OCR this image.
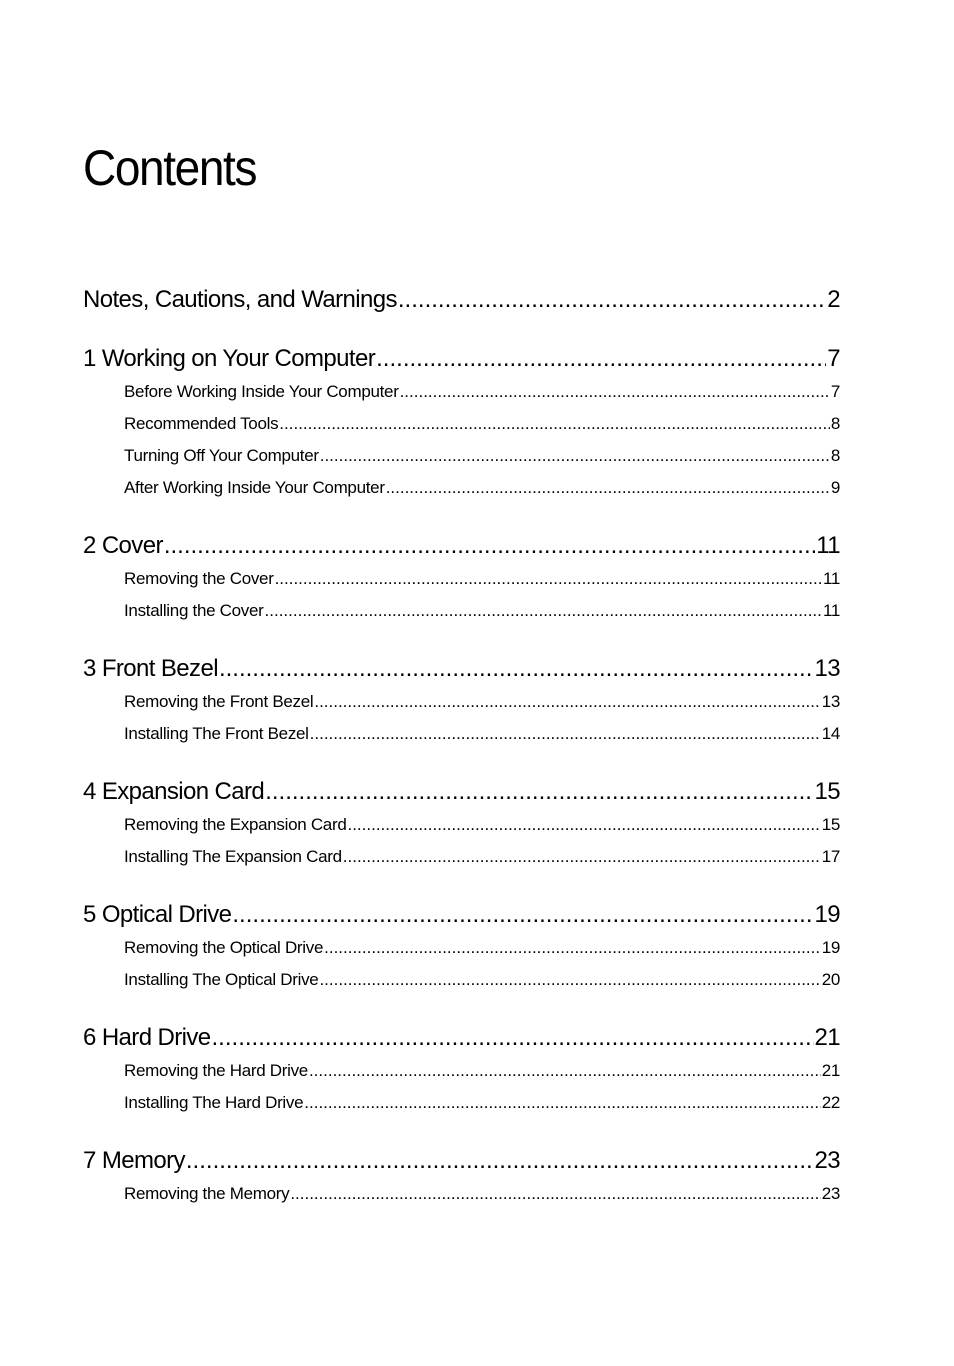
Contents
Notes, Cautions, and Warnings .....	2
1 Working on Your Computer .....	7
Before Working Inside Your Computer .....	7
Recommended Tools .....	8
Turning Off Your Computer .....	8
After Working Inside Your Computer .....	9
2 Cover .....	11
Removing the Cover .....	11
Installing the Cover .....	11
3 Front Bezel .....	13
Removing the Front Bezel .....	13
Installing The Front Bezel .....	14
4 Expansion Card .....	15
Removing the Expansion Card .....	15
Installing The Expansion Card .....	17
5 Optical Drive .....	19
Removing the Optical Drive .....	19
Installing The Optical Drive .....	20
6 Hard Drive .....	21
Removing the Hard Drive .....	21
Installing The Hard Drive .....	22
7 Memory .....	23
Removing the Memory .....	23
